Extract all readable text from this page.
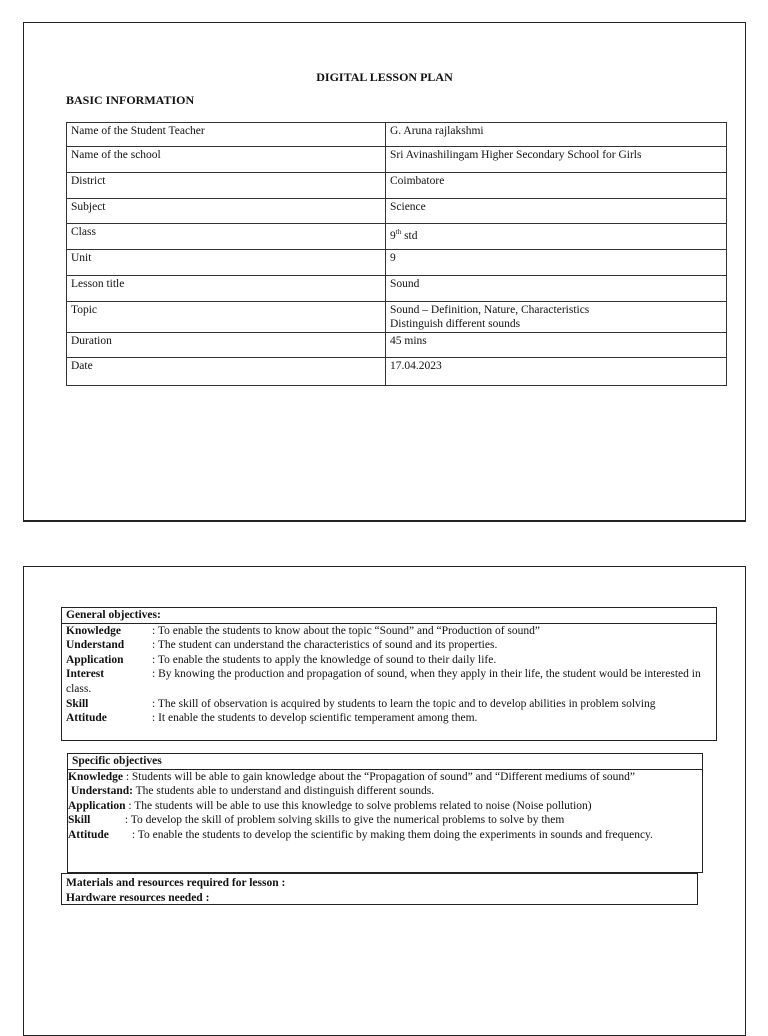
DIGITAL LESSON PLAN
BASIC INFORMATION
Name of the Student Teacher	G. Aruna rajlakshmi
Name of the school	Sri Avinashilingam Higher Secondary School for Girls
District	Coimbatore
Subject	Science
Class	9th std
Unit	9
Lesson title	Sound
Topic	Sound – Definition, Nature, Characteristics
Distinguish different sounds

Duration	45 mins
Date	17.04.2023
General objectives:
Knowledge	: To enable the students to know about the topic “Sound” and “Production of sound”
Understand : The student can understand the characteristics of sound and its properties.
Application : To enable the students to apply the knowledge of sound to their daily life.
Interest	: By knowing the production and propagation of sound, when they apply in their life, the student would be interested in class.
Skill	: The skill of observation is acquired by students to learn the topic and to develop abilities in problem solving
Attitude	: It enable the students to develop scientific temperament among them.
Specific objectives
Knowledge : Students will be able to gain knowledge about the “Propagation of sound” and “Different mediums of sound”
Understand: The students able to understand and distinguish different sounds.
Application : The students will be able to use this knowledge to solve problems related to noise (Noise pollution)
Skill            : To develop the skill of problem solving skills to give the numerical problems to solve by them
Attitude        : To enable the students to develop the scientific by making them doing the experiments in sounds and frequency.
Materials and resources required for lesson :
Hardware resources needed :
